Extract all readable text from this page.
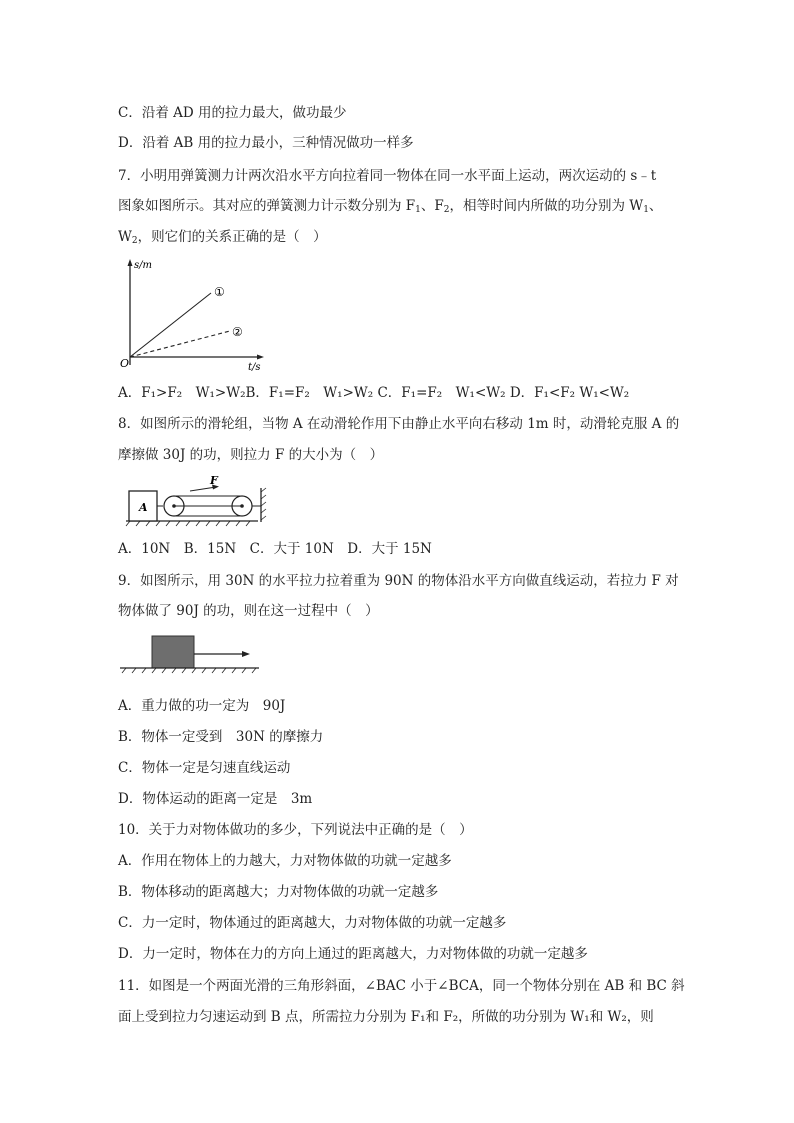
C．沿着 AD 用的拉力最大，做功最少
D．沿着 AB 用的拉力最小，三种情况做功一样多
7．小明用弹簧测力计两次沿水平方向拉着同一物体在同一水平面上运动，两次运动的 s﹣t
图象如图所示。其对应的弹簧测力计示数分别为 $F_1$、$F_2$，相等时间内所做的功分别为 $W_1$、
$W_2$，则它们的关系正确的是（　）
s/m
t/s
O
①
②
A．F₁>F₂　W₁>W₂B．F₁=F₂　W₁>W₂ C．F₁=F₂　W₁<W₂ D．F₁<F₂ W₁<W₂
8．如图所示的滑轮组，当物 A 在动滑轮作用下由静止水平向右移动 1m 时，动滑轮克服 A 的
摩擦做 30J 的功，则拉力 F 的大小为（　）
A
F
A．10N　B．15N　C．大于 10N　D．大于 15N
9．如图所示，用 30N 的水平拉力拉着重为 90N 的物体沿水平方向做直线运动，若拉力 F 对
物体做了 90J 的功，则在这一过程中（　）
A．重力做的功一定为　90J
B．物体一定受到　30N 的摩擦力
C．物体一定是匀速直线运动
D．物体运动的距离一定是　3m
10．关于力对物体做功的多少，下列说法中正确的是（　）
A．作用在物体上的力越大，力对物体做的功就一定越多
B．物体移动的距离越大；力对物体做的功就一定越多
C．力一定时，物体通过的距离越大，力对物体做的功就一定越多
D．力一定时，物体在力的方向上通过的距离越大，力对物体做的功就一定越多
11．如图是一个两面光滑的三角形斜面，∠BAC 小于∠BCA，同一个物体分别在 AB 和 BC 斜
面上受到拉力匀速运动到 B 点，所需拉力分别为 F₁和 F₂，所做的功分别为 W₁和 W₂，则
